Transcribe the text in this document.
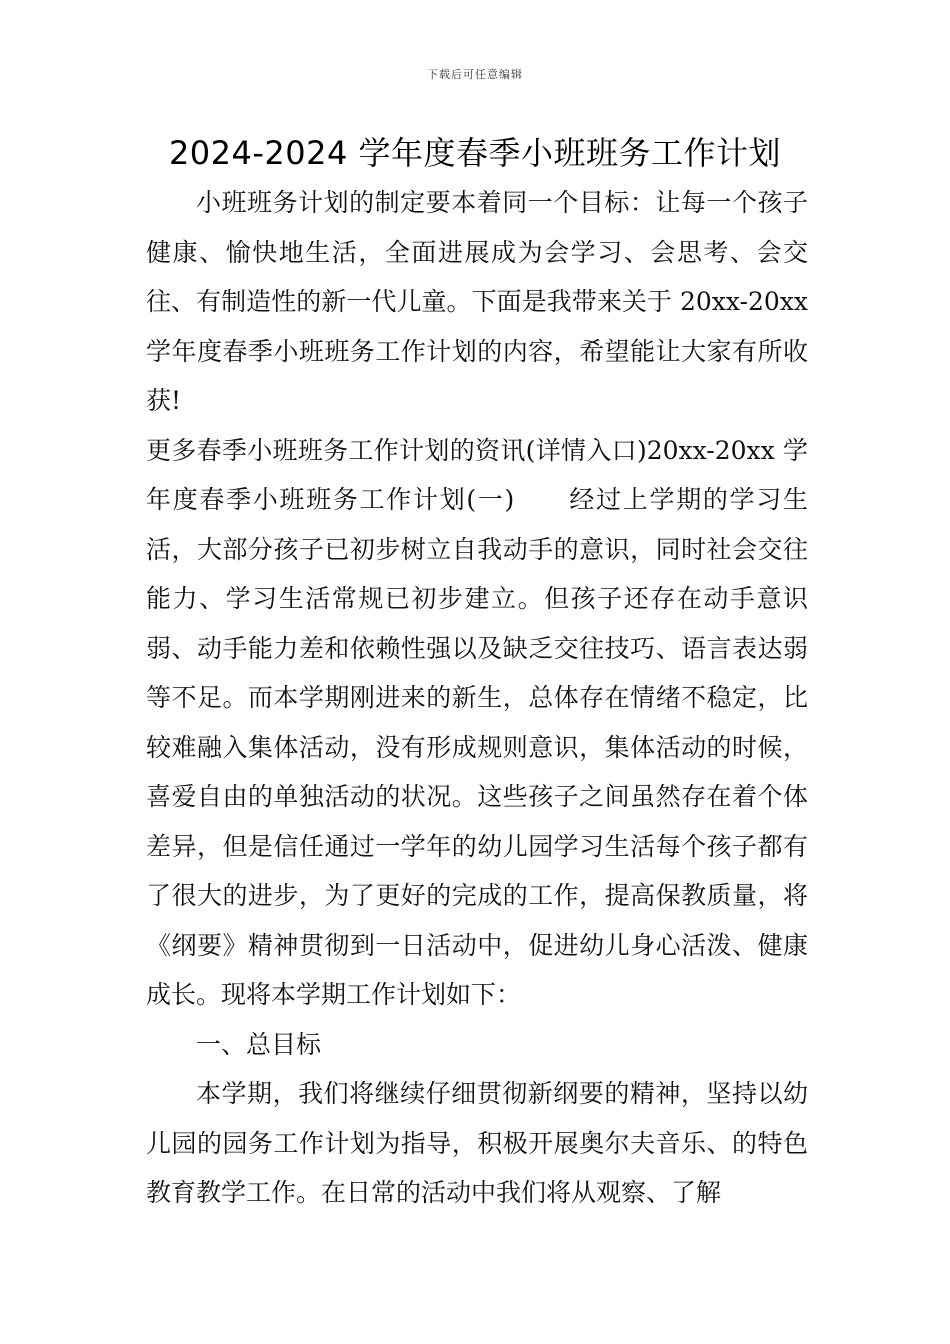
下载后可任意编辑
2024-2024 学年度春季小班班务工作计划

小班班务计划的制定要本着同一个目标：让每一个孩子健康、愉快地生活，全面进展成为会学习、会思考、会交往、有制造性的新一代儿童。下面是我带来关于 20xx-20xx 学年度春季小班班务工作计划的内容，希望能让大家有所收获!

更多春季小班班务工作计划的资讯(详情入口)20xx-20xx 学年度春季小班班务工作计划(一)　　经过上学期的学习生活，大部分孩子已初步树立自我动手的意识，同时社会交往能力、学习生活常规已初步建立。但孩子还存在动手意识弱、动手能力差和依赖性强以及缺乏交往技巧、语言表达弱等不足。而本学期刚进来的新生，总体存在情绪不稳定，比较难融入集体活动，没有形成规则意识，集体活动的时候，喜爱自由的单独活动的状况。这些孩子之间虽然存在着个体差异，但是信任通过一学年的幼儿园学习生活每个孩子都有了很大的进步，为了更好的完成的工作，提高保教质量，将《纲要》精神贯彻到一日活动中，促进幼儿身心活泼、健康成长。现将本学期工作计划如下：

一、总目标

本学期，我们将继续仔细贯彻新纲要的精神，坚持以幼儿园的园务工作计划为指导，积极开展奥尔夫音乐、的特色教育教学工作。在日常的活动中我们将从观察、了解
